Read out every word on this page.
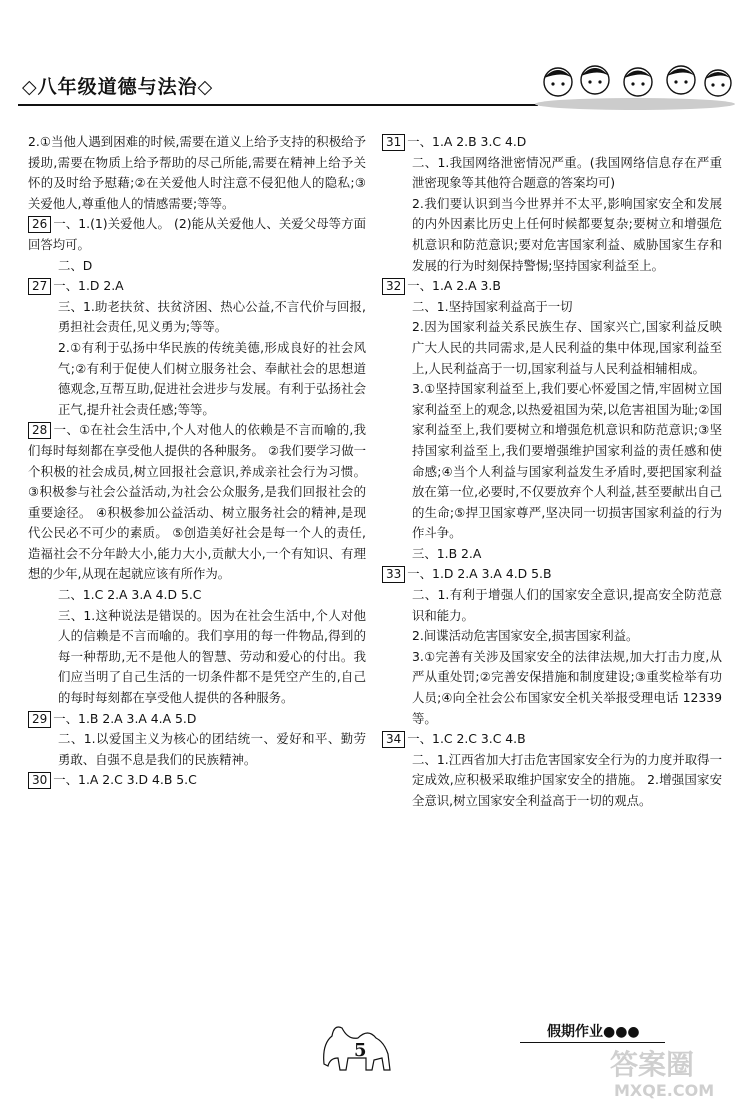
◇八年级道德与法治◇

2.①当他人遇到困难的时候,需要在道义上给予支持的积极给予援助,需要在物质上给予帮助的尽己所能,需要在精神上给予关怀的及时给予慰藉;②在关爱他人时注意不侵犯他人的隐私;③关爱他人,尊重他人的情感需要;等等。

26 一、1.(1)关爱他人。 (2)能从关爱他人、关爱父母等方面回答均可。

二、D

27 一、1.D 2.A

三、1.助老扶贫、扶贫济困、热心公益,不言代价与回报,勇担社会责任,见义勇为;等等。

2.①有利于弘扬中华民族的传统美德,形成良好的社会风气;②有利于促使人们树立服务社会、奉献社会的思想道德观念,互帮互助,促进社会进步与发展。有利于弘扬社会正气,提升社会责任感;等等。

28 一、①在社会生活中,个人对他人的依赖是不言而喻的,我们每时每刻都在享受他人提供的各种服务。 ②我们要学习做一个积极的社会成员,树立回报社会意识,养成亲社会行为习惯。 ③积极参与社会公益活动,为社会公众服务,是我们回报社会的重要途径。 ④积极参加公益活动、树立服务社会的精神,是现代公民必不可少的素质。 ⑤创造美好社会是每一个人的责任,造福社会不分年龄大小,能力大小,贡献大小,一个有知识、有理想的少年,从现在起就应该有所作为。

二、1.C 2.A 3.A 4.D 5.C

三、1.这种说法是错误的。因为在社会生活中,个人对他人的信赖是不言而喻的。我们享用的每一件物品,得到的每一种帮助,无不是他人的智慧、劳动和爱心的付出。我们应当明了自己生活的一切条件都不是凭空产生的,自己的每时每刻都在享受他人提供的各种服务。

29 一、1.B 2.A 3.A 4.A 5.D

二、1.以爱国主义为核心的团结统一、爱好和平、勤劳勇敢、自强不息是我们的民族精神。

30 一、1.A 2.C 3.D 4.B 5.C

31 一、1.A 2.B 3.C 4.D

二、1.我国网络泄密情况严重。(我国网络信息存在严重泄密现象等其他符合题意的答案均可)

2.我们要认识到当今世界并不太平,影响国家安全和发展的内外因素比历史上任何时候都要复杂;要树立和增强危机意识和防范意识;要对危害国家利益、威胁国家生存和发展的行为时刻保持警惕;坚持国家利益至上。

32 一、1.A 2.A 3.B

二、1.坚持国家利益高于一切

2.因为国家利益关系民族生存、国家兴亡,国家利益反映广大人民的共同需求,是人民利益的集中体现,国家利益至上,人民利益高于一切,国家利益与人民利益相辅相成。

3.①坚持国家利益至上,我们要心怀爱国之情,牢固树立国家利益至上的观念,以热爱祖国为荣,以危害祖国为耻;②国家利益至上,我们要树立和增强危机意识和防范意识;③坚持国家利益至上,我们要增强维护国家利益的责任感和使命感;④当个人利益与国家利益发生矛盾时,要把国家利益放在第一位,必要时,不仅要放弃个人利益,甚至要献出自己的生命;⑤捍卫国家尊严,坚决同一切损害国家利益的行为作斗争。

三、1.B 2.A

33 一、1.D 2.A 3.A 4.D 5.B

二、1.有利于增强人们的国家安全意识,提高安全防范意识和能力。

2.间谍活动危害国家安全,损害国家利益。

3.①完善有关涉及国家安全的法律法规,加大打击力度,从严从重处罚;②完善安保措施和制度建设;③重奖检举有功人员;④向全社会公布国家安全机关举报受理电话 12339 等。

34 一、1.C 2.C 3.C 4.B

二、1.江西省加大打击危害国家安全行为的力度并取得一定成效,应积极采取维护国家安全的措施。 2.增强国家安全意识,树立国家安全利益高于一切的观点。

5
假期作业●●●
答案圈
MXQE.COM
